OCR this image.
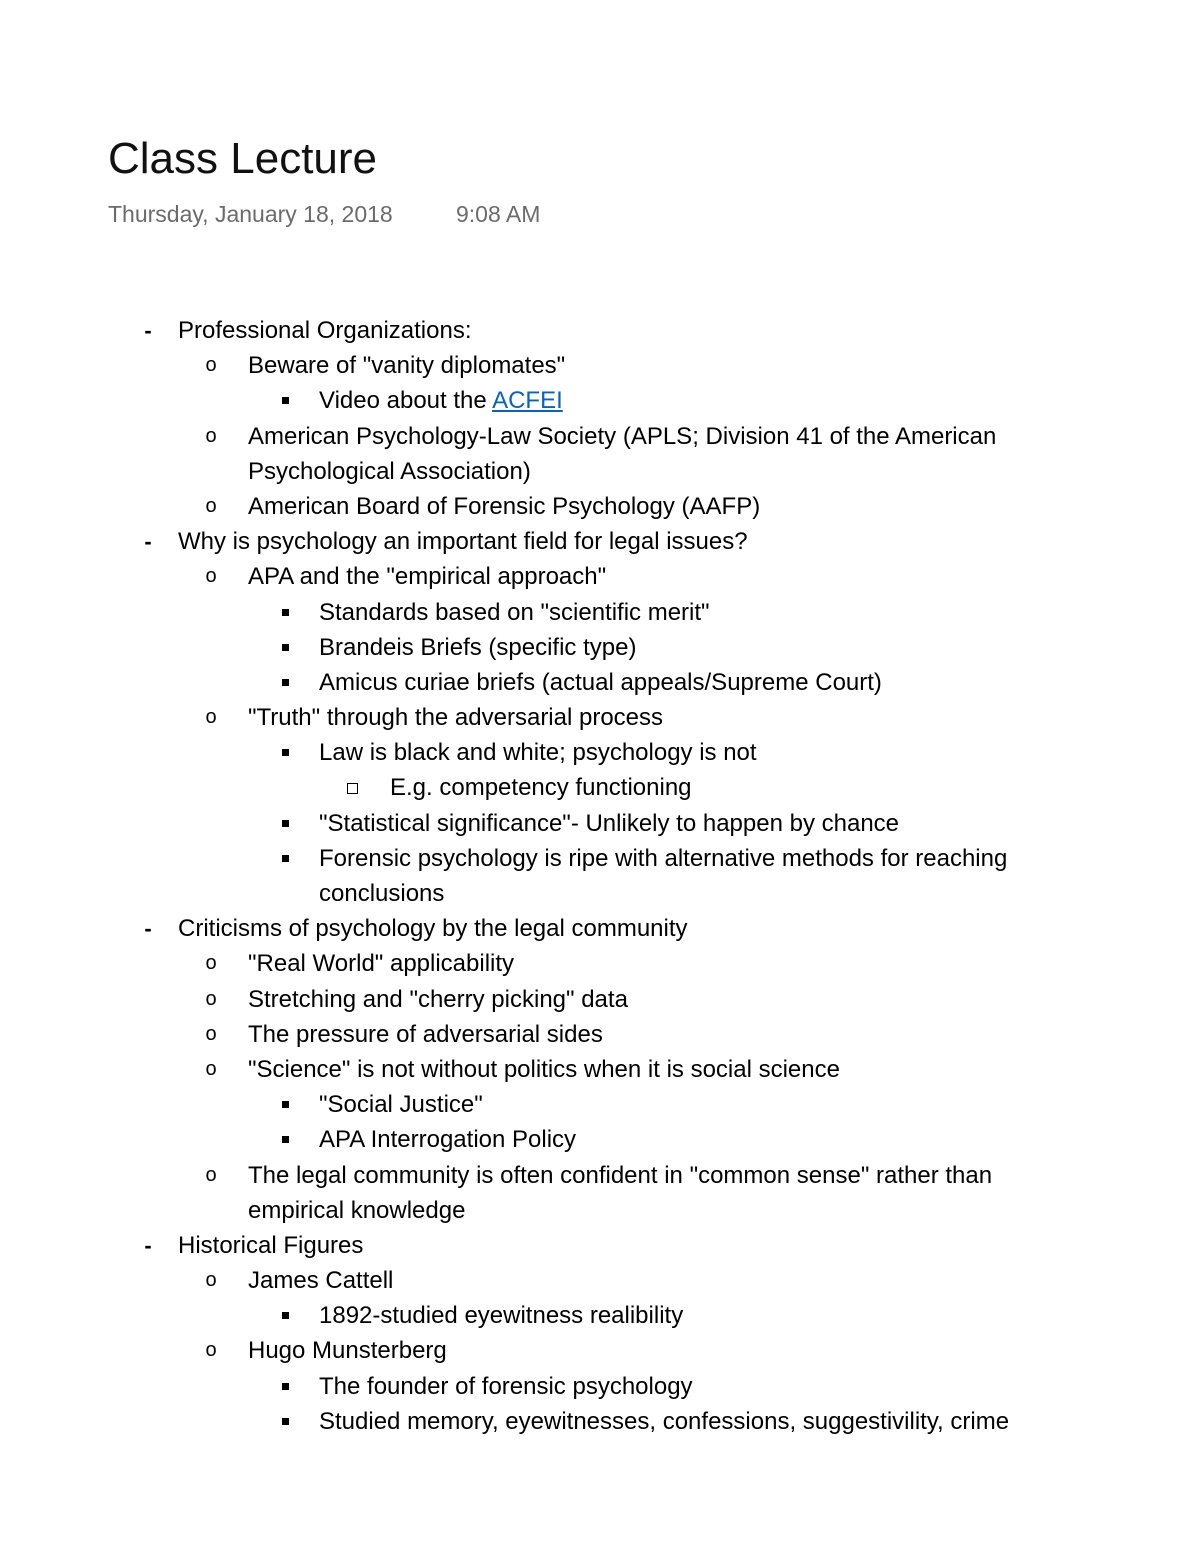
Class Lecture
Thursday, January 18, 2018	9:08 AM
- Professional Organizations:
o Beware of "vanity diplomates"
Video about the ACFEI
o American Psychology-Law Society (APLS; Division 41 of the American
Psychological Association)
o American Board of Forensic Psychology (AAFP)
- Why is psychology an important field for legal issues?
o APA and the "empirical approach"
Standards based on "scientific merit"
Brandeis Briefs (specific type)
Amicus curiae briefs (actual appeals/Supreme Court)
o "Truth" through the adversarial process
Law is black and white; psychology is not
E.g. competency functioning
"Statistical significance"- Unlikely to happen by chance
Forensic psychology is ripe with alternative methods for reaching
conclusions
- Criticisms of psychology by the legal community
o "Real World" applicability
o Stretching and "cherry picking" data
o The pressure of adversarial sides
o "Science" is not without politics when it is social science
"Social Justice"
APA Interrogation Policy
o The legal community is often confident in "common sense" rather than
empirical knowledge
- Historical Figures
o James Cattell
1892-studied eyewitness realibility
o Hugo Munsterberg
The founder of forensic psychology
Studied memory, eyewitnesses, confessions, suggestivility, crime
